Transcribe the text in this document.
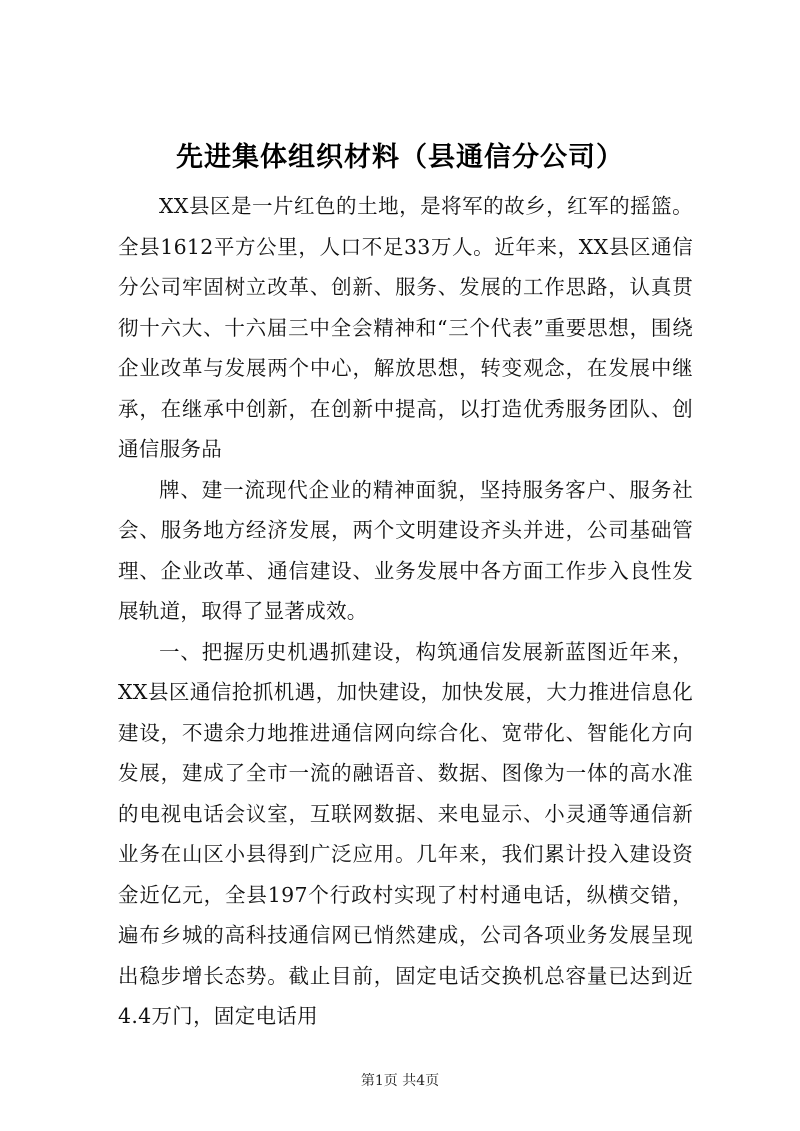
先进集体组织材料（县通信分公司）

XX县区是一片红色的土地，是将军的故乡，红军的摇篮。全县1612平方公里，人口不足33万人。近年来，XX县区通信分公司牢固树立改革、创新、服务、发展的工作思路，认真贯彻十六大、十六届三中全会精神和“三个代表”重要思想，围绕企业改革与发展两个中心，解放思想，转变观念，在发展中继承，在继承中创新，在创新中提高，以打造优秀服务团队、创通信服务品

牌、建一流现代企业的精神面貌，坚持服务客户、服务社会、服务地方经济发展，两个文明建设齐头并进，公司基础管理、企业改革、通信建设、业务发展中各方面工作步入良性发展轨道，取得了显著成效。

一、把握历史机遇抓建设，构筑通信发展新蓝图近年来，XX县区通信抢抓机遇，加快建设，加快发展，大力推进信息化建设，不遗余力地推进通信网向综合化、宽带化、智能化方向发展，建成了全市一流的融语音、数据、图像为一体的高水准的电视电话会议室，互联网数据、来电显示、小灵通等通信新业务在山区小县得到广泛应用。几年来，我们累计投入建设资金近亿元，全县197个行政村实现了村村通电话，纵横交错，遍布乡城的高科技通信网已悄然建成，公司各项业务发展呈现出稳步增长态势。截止目前，固定电话交换机总容量已达到近4.4万门，固定电话用

第1页 共4页
